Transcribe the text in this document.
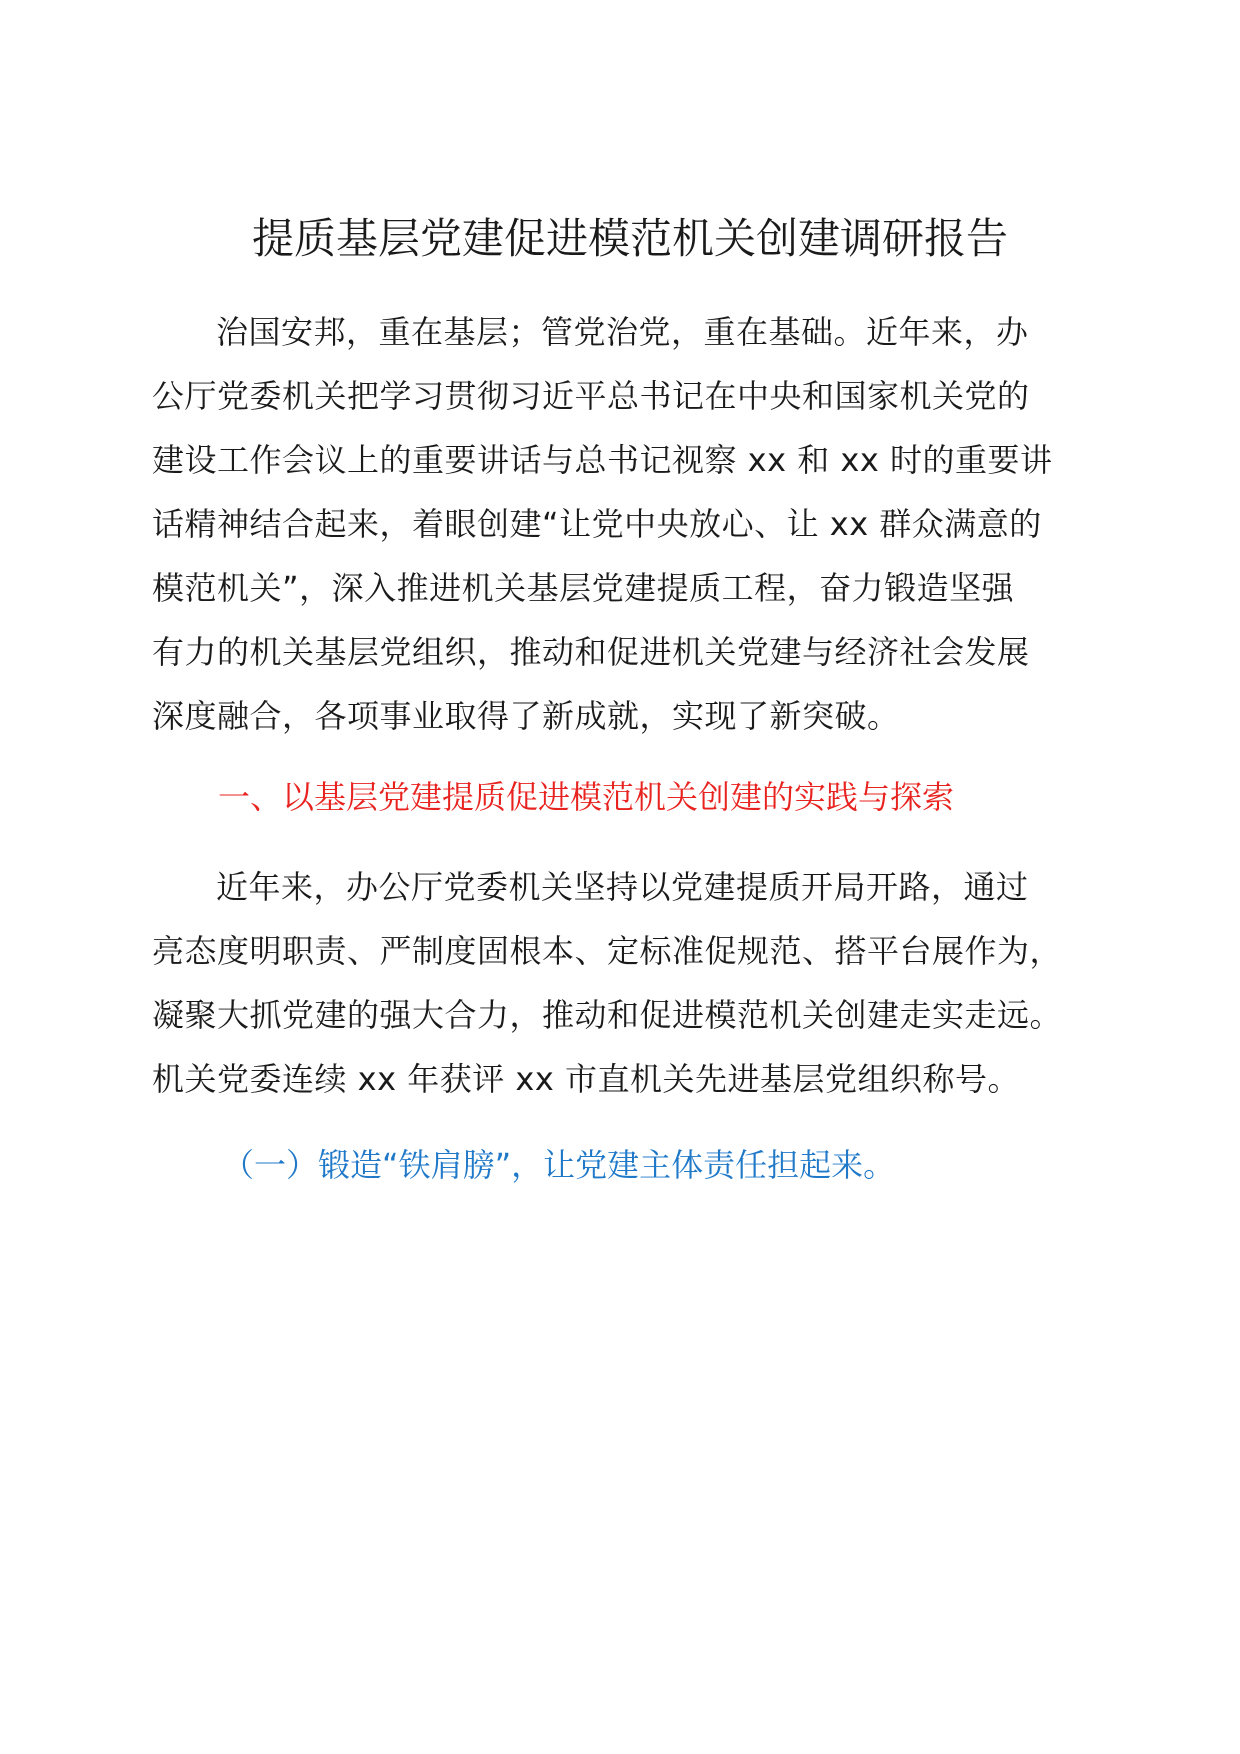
提质基层党建促进模范机关创建调研报告
治国安邦，重在基层；管党治党，重在基础。近年来，办
公厅党委机关把学习贯彻习近平总书记在中央和国家机关党的
建设工作会议上的重要讲话与总书记视察 xx 和 xx 时的重要讲
话精神结合起来，着眼创建“让党中央放心、让 xx 群众满意的
模范机关”，深入推进机关基层党建提质工程，奋力锻造坚强
有力的机关基层党组织，推动和促进机关党建与经济社会发展
深度融合，各项事业取得了新成就，实现了新突破。
一、以基层党建提质促进模范机关创建的实践与探索
近年来，办公厅党委机关坚持以党建提质开局开路，通过
亮态度明职责、严制度固根本、定标准促规范、搭平台展作为，
凝聚大抓党建的强大合力，推动和促进模范机关创建走实走远。
机关党委连续 xx 年获评 xx 市直机关先进基层党组织称号。
（一）锻造“铁肩膀”，让党建主体责任担起来。
